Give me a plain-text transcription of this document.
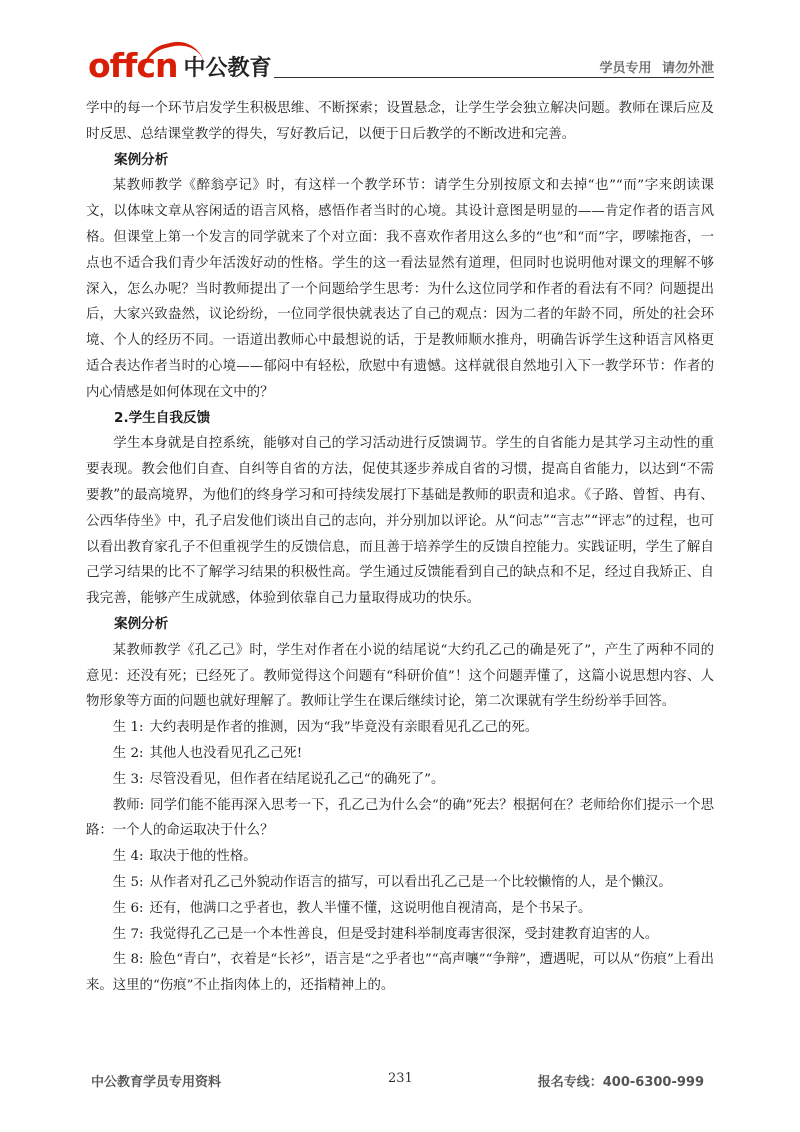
offcn 中公教育	学员专用 请勿外泄

学中的每一个环节启发学生积极思维、不断探索；设置悬念，让学生学会独立解决问题。教师在课后应及时反思、总结课堂教学的得失，写好教后记，以便于日后教学的不断改进和完善。

案例分析

某教师教学《醉翁亭记》时，有这样一个教学环节：请学生分别按原文和去掉“也”“而”字来朗读课文，以体味文章从容闲适的语言风格，感悟作者当时的心境。其设计意图是明显的——肯定作者的语言风格。但课堂上第一个发言的同学就来了个对立面：我不喜欢作者用这么多的“也”和“而”字，啰嗦拖沓，一点也不适合我们青少年活泼好动的性格。学生的这一看法显然有道理，但同时也说明他对课文的理解不够深入，怎么办呢？当时教师提出了一个问题给学生思考：为什么这位同学和作者的看法有不同？问题提出后，大家兴致盎然，议论纷纷，一位同学很快就表达了自己的观点：因为二者的年龄不同，所处的社会环境、个人的经历不同。一语道出教师心中最想说的话，于是教师顺水推舟，明确告诉学生这种语言风格更适合表达作者当时的心境——郁闷中有轻松，欣慰中有遗憾。这样就很自然地引入下一教学环节：作者的内心情感是如何体现在文中的？

2.学生自我反馈

学生本身就是自控系统，能够对自己的学习活动进行反馈调节。学生的自省能力是其学习主动性的重要表现。教会他们自查、自纠等自省的方法，促使其逐步养成自省的习惯，提高自省能力，以达到“不需要教”的最高境界，为他们的终身学习和可持续发展打下基础是教师的职责和追求。《子路、曾皙、冉有、公西华侍坐》中，孔子启发他们谈出自己的志向，并分别加以评论。从“问志”“言志”“评志”的过程，也可以看出教育家孔子不但重视学生的反馈信息，而且善于培养学生的反馈自控能力。实践证明，学生了解自己学习结果的比不了解学习结果的积极性高。学生通过反馈能看到自己的缺点和不足，经过自我矫正、自我完善，能够产生成就感，体验到依靠自己力量取得成功的快乐。

案例分析

某教师教学《孔乙己》时，学生对作者在小说的结尾说“大约孔乙己的确是死了”，产生了两种不同的意见：还没有死；已经死了。教师觉得这个问题有“科研价值”！这个问题弄懂了，这篇小说思想内容、人物形象等方面的问题也就好理解了。教师让学生在课后继续讨论，第二次课就有学生纷纷举手回答。

生 1: 大约表明是作者的推测，因为“我”毕竟没有亲眼看见孔乙己的死。

生 2: 其他人也没看见孔乙己死!

生 3: 尽管没看见，但作者在结尾说孔乙己“的确死了”。

教师: 同学们能不能再深入思考一下，孔乙己为什么会“的确”死去？根据何在？老师给你们提示一个思路：一个人的命运取决于什么？

生 4: 取决于他的性格。

生 5: 从作者对孔乙己外貌动作语言的描写，可以看出孔乙己是一个比较懒惰的人，是个懒汉。

生 6: 还有，他满口之乎者也，教人半懂不懂，这说明他自视清高，是个书呆子。

生 7: 我觉得孔乙己是一个本性善良，但是受封建科举制度毒害很深，受封建教育迫害的人。

生 8: 脸色“青白”，衣着是“长衫”，语言是“之乎者也”“高声嚷”“争辩”，遭遇呢，可以从“伤痕”上看出来。这里的“伤痕”不止指肉体上的，还指精神上的。

中公教育学员专用资料	231	报名专线：400-6300-999
